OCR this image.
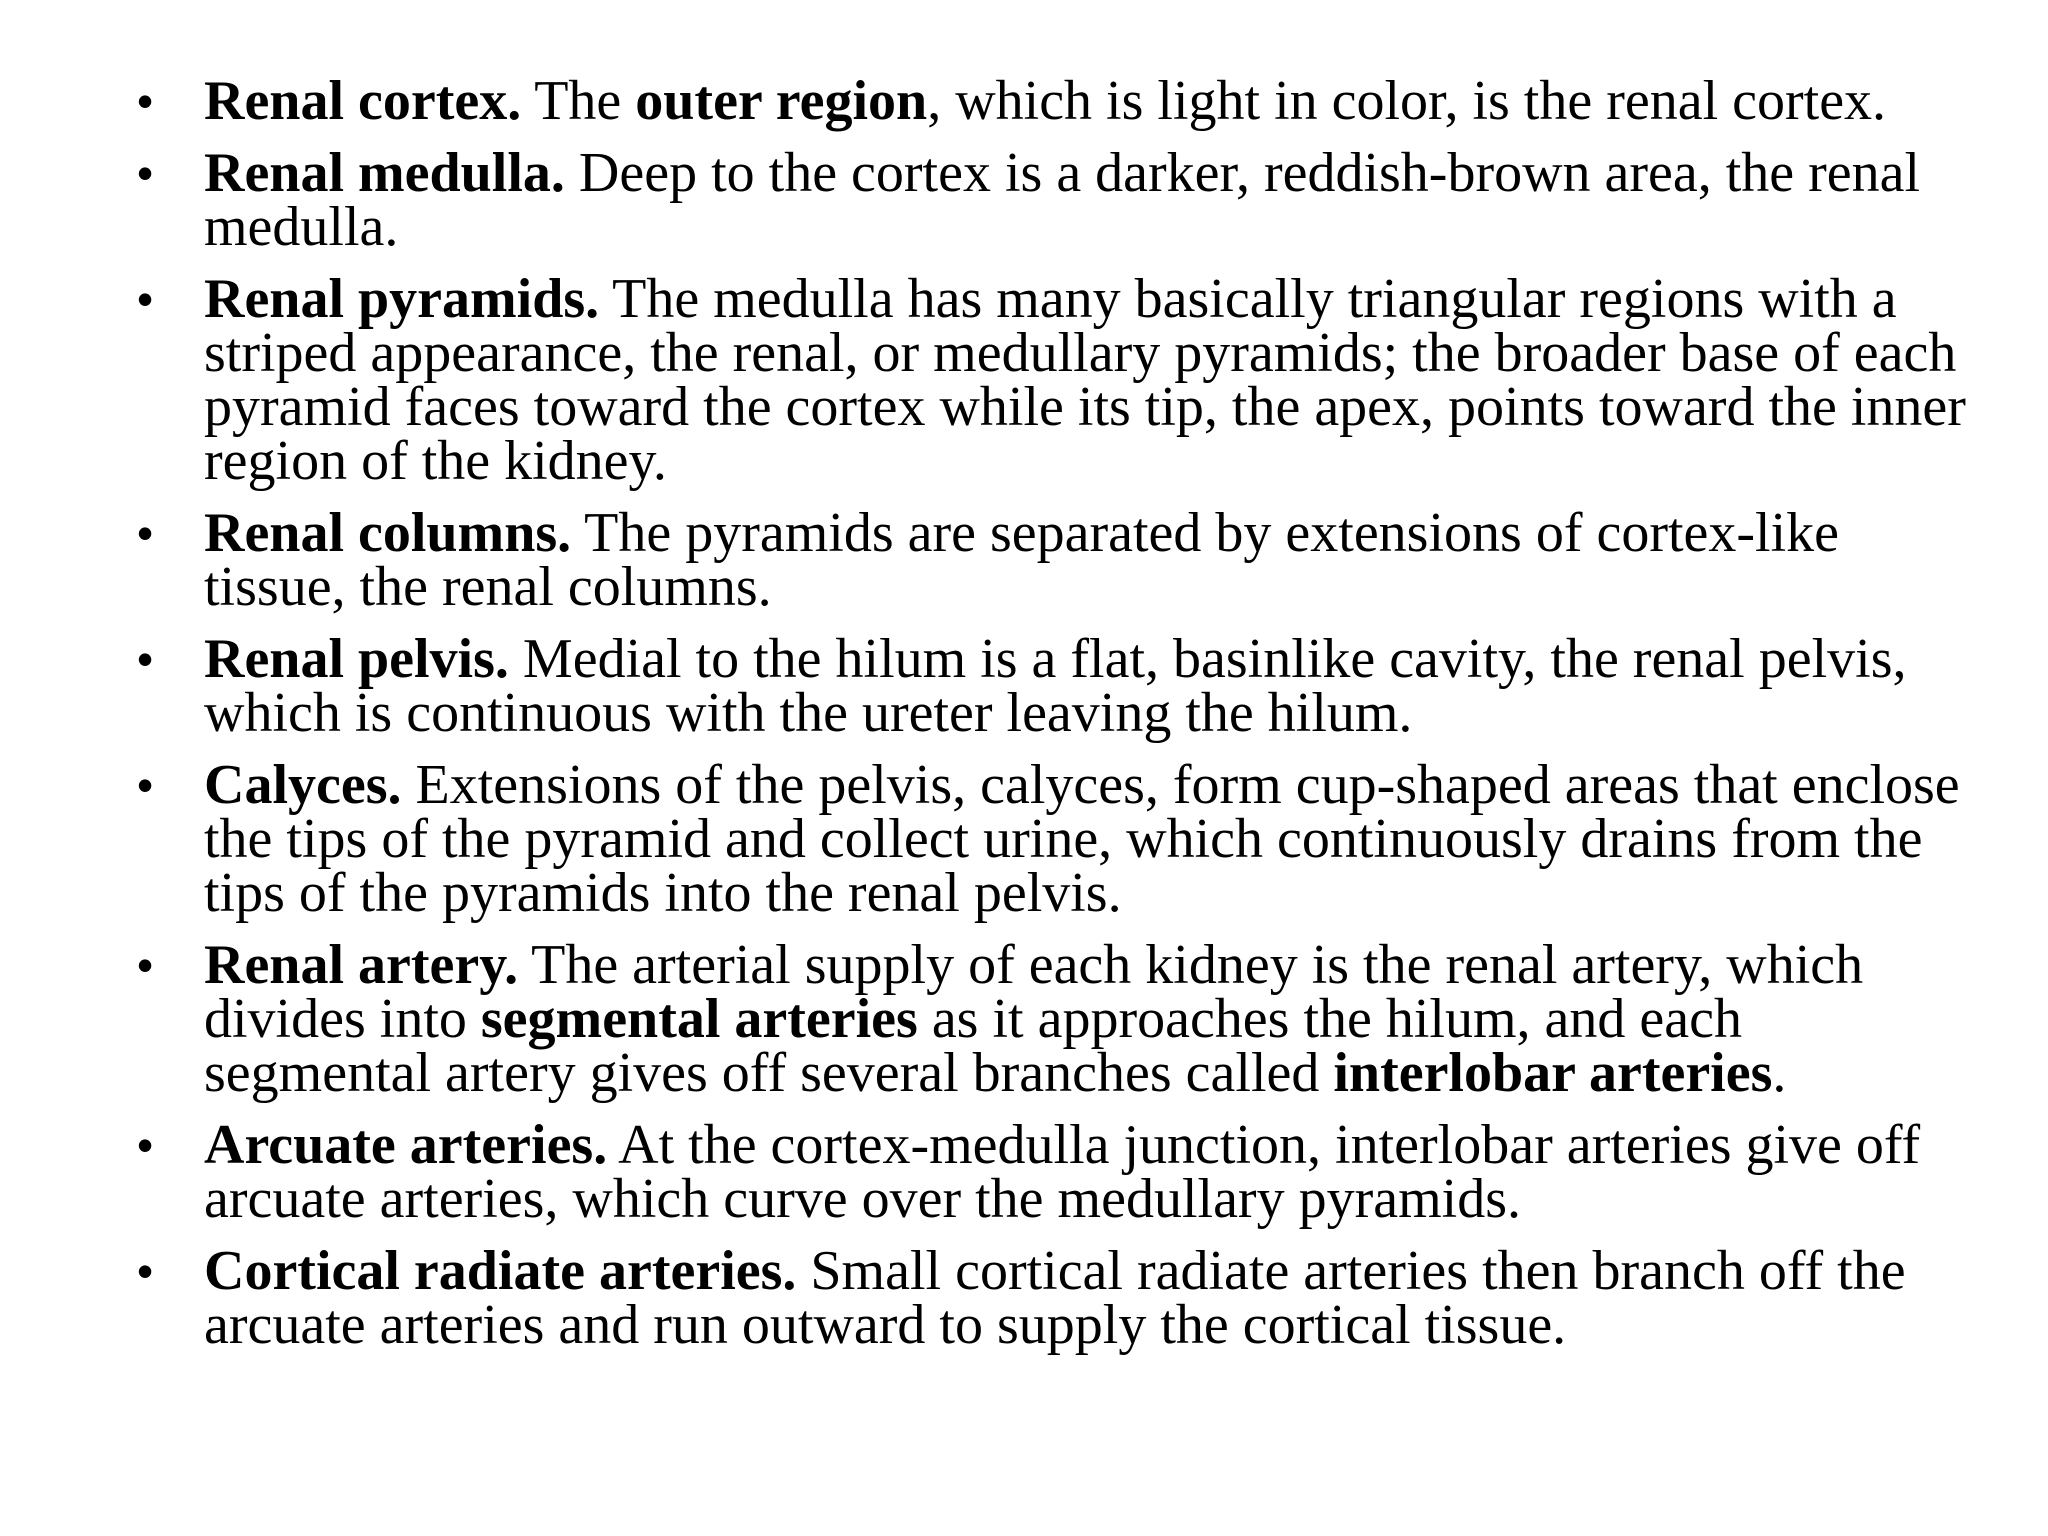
• Renal cortex. The outer region, which is light in color, is the renal cortex.
• Renal medulla. Deep to the cortex is a darker, reddish-brown area, the renal medulla.
• Renal pyramids. The medulla has many basically triangular regions with a striped appearance, the renal, or medullary pyramids; the broader base of each pyramid faces toward the cortex while its tip, the apex, points toward the inner region of the kidney.
• Renal columns. The pyramids are separated by extensions of cortex-like tissue, the renal columns.
• Renal pelvis. Medial to the hilum is a flat, basinlike cavity, the renal pelvis, which is continuous with the ureter leaving the hilum.
• Calyces. Extensions of the pelvis, calyces, form cup-shaped areas that enclose the tips of the pyramid and collect urine, which continuously drains from the tips of the pyramids into the renal pelvis.
• Renal artery. The arterial supply of each kidney is the renal artery, which divides into segmental arteries as it approaches the hilum, and each segmental artery gives off several branches called interlobar arteries.
• Arcuate arteries. At the cortex-medulla junction, interlobar arteries give off arcuate arteries, which curve over the medullary pyramids.
• Cortical radiate arteries. Small cortical radiate arteries then branch off the arcuate arteries and run outward to supply the cortical tissue.
